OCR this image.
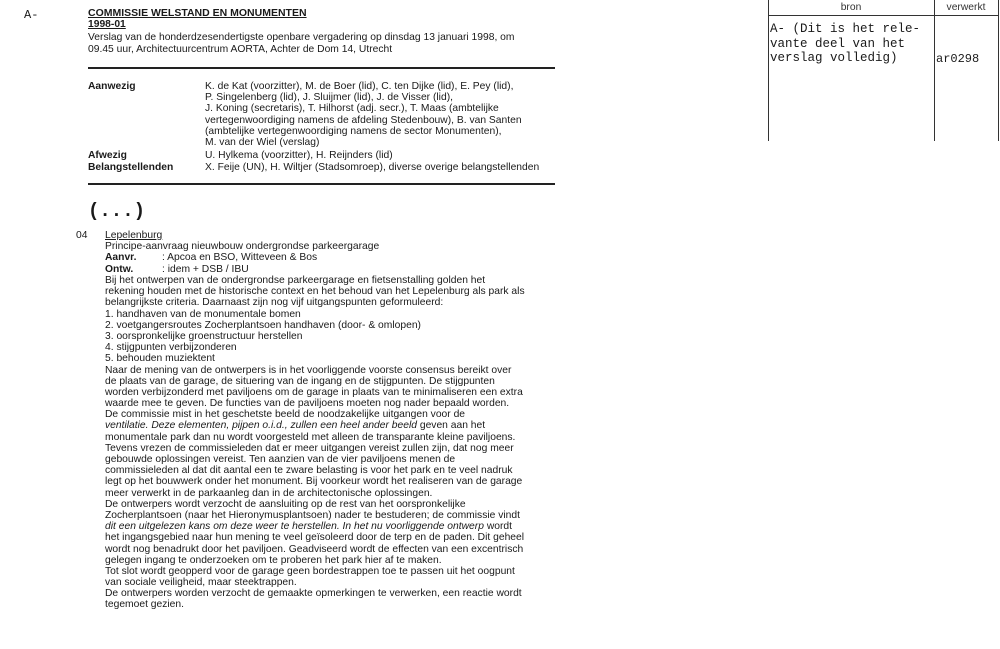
A-	COMMISSIE WELSTAND EN MONUMENTEN
1998-01
Verslag van de honderdzesendertigste openbare vergadering op dinsdag 13 januari 1998, om
09.45 uur, Architectuurcentrum AORTA, Achter de Dom 14, Utrecht
Aanwezig	K. de Kat (voorzitter), M. de Boer (lid), C. ten Dijke (lid), E. Pey (lid),
P. Singelenberg (lid), J. Sluijmer (lid), J. de Visser (lid),
J. Koning (secretaris), T. Hilhorst (adj. secr.), T. Maas (ambtelijke
vertegenwoordiging namens de afdeling Stedenbouw), B. van Santen
(ambtelijke vertegenwoordiging namens de sector Monumenten),
M. van der Wiel (verslag)
Afwezig	U. Hylkema (voorzitter), H. Reijnders (lid)
Belangstellenden	X. Feije (UN), H. Wiltjer (Stadsomroep), diverse overige belangstellenden
(...)
04 Lepelenburg
Principe-aanvraag nieuwbouw ondergrondse parkeergarage
Aanvr. : Apcoa en BSO, Witteveen & Bos
Ontw.	: idem + DSB / IBU
Bij het ontwerpen van de ondergrondse parkeergarage en fietsenstalling golden het
rekening houden met de historische context en het behoud van het Lepelenburg als park als
belangrijkste criteria. Daarnaast zijn nog vijf uitgangspunten geformuleerd:
1. handhaven van de monumentale bomen
2. voetgangersroutes Zocherplantsoen handhaven (door- & omlopen)
3. oorspronkelijke groenstructuur herstellen
4. stijgpunten verbijzonderen
5. behouden muziektent
Naar de mening van de ontwerpers is in het voorliggende voorste consensus bereikt over
de plaats van de garage, de situering van de ingang en de stijgpunten. De stijgpunten
worden verbijzonderd met paviljoens om de garage in plaats van te minimaliseren een extra
waarde mee te geven. De functies van de paviljoens moeten nog nader bepaald worden.
De commissie mist in het geschetste beeld de noodzakelijke uitgangen voor de
ventilatie. Deze elementen, pijpen o.i.d., zullen een heel ander beeld geven aan het
monumentale park dan nu wordt voorgesteld met alleen de transparante kleine paviljoens.
Tevens vrezen de commissieleden dat er meer uitgangen vereist zullen zijn, dat nog meer
gebouwde oplossingen vereist. Ten aanzien van de vier paviljoens menen de
commissieleden al dat dit aantal een te zware belasting is voor het park en te veel nadruk
legt op het bouwwerk onder het monument. Bij voorkeur wordt het realiseren van de garage
meer verwerkt in de parkaanleg dan in de architectonische oplossingen.
De ontwerpers wordt verzocht de aansluiting op de rest van het oorspronkelijke
Zocherplantsoen (naar het Hieronymusplantsoen) nader te bestuderen; de commissie vindt
dit een uitgelezen kans om deze weer te herstellen. In het nu voorliggende ontwerp wordt
het ingangsgebied naar hun mening te veel geïsoleerd door de terp en de paden. Dit geheel
wordt nog benadrukt door het paviljoen. Geadviseerd wordt de effecten van een excentrisch
gelegen ingang te onderzoeken om te proberen het park hier af te maken.
Tot slot wordt geopperd voor de garage geen bordestrappen toe te passen uit het oogpunt
van sociale veiligheid, maar steektrappen.
De ontwerpers worden verzocht de gemaakte opmerkingen te verwerken, een reactie wordt
tegemoet gezien.
bron	verwerkt
A- (Dit is het rele-
vante deel van het
verslag volledig)	ar0298
